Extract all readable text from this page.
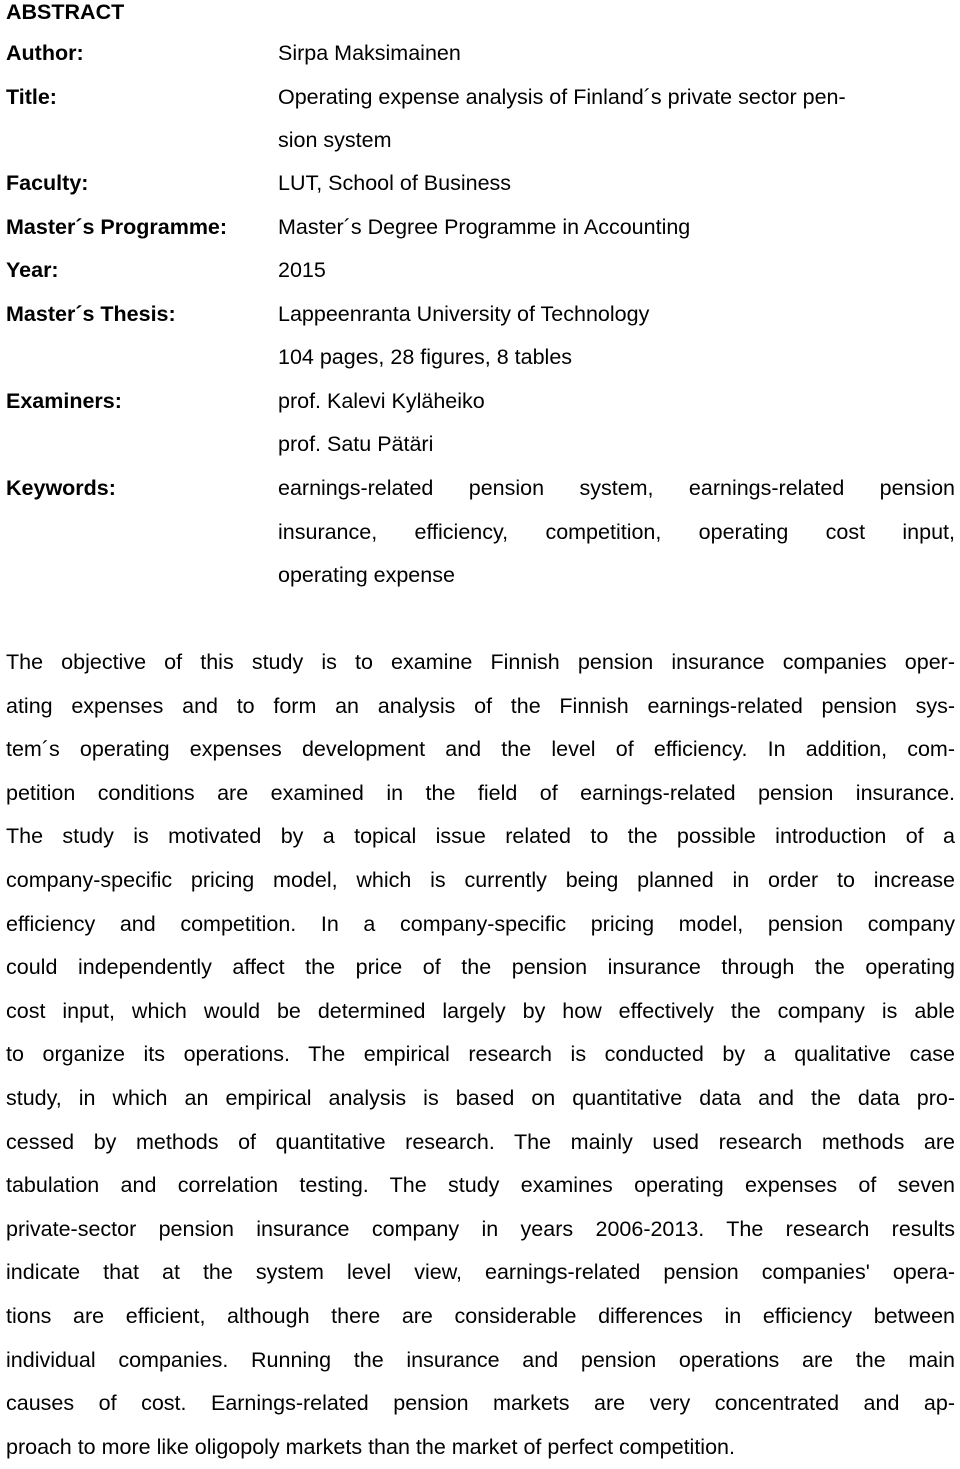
ABSTRACT
Author:	Sirpa Maksimainen
Title:	Operating expense analysis of Finland´s private sector pen-
sion system
Faculty:	LUT, School of Business
Master´s Programme: Master´s Degree Programme in Accounting
Year:	2015
Master´s Thesis:	Lappeenranta University of Technology
104 pages, 28 figures, 8 tables
Examiners:	prof. Kalevi Kyläheiko
prof. Satu Pätäri
Keywords:	earnings-related pension system, earnings-related pension
insurance, efficiency, competition, operating cost input,
operating expense
The objective of this study is to examine Finnish pension insurance companies oper-
ating expenses and to form an analysis of the Finnish earnings-related pension sys-
tem´s operating expenses development and the level of efficiency. In addition, com-
petition conditions are examined in the field of earnings-related pension insurance.
The study is motivated by a topical issue related to the possible introduction of a
company-specific pricing model, which is currently being planned in order to increase
efficiency and competition. In a company-specific pricing model, pension company
could independently affect the price of the pension insurance through the operating
cost input, which would be determined largely by how effectively the company is able
to organize its operations. The empirical research is conducted by a qualitative case
study, in which an empirical analysis is based on quantitative data and the data pro-
cessed by methods of quantitative research. The mainly used research methods are
tabulation and correlation testing. The study examines operating expenses of seven
private-sector pension insurance company in years 2006-2013. The research results
indicate that at the system level view, earnings-related pension companies' opera-
tions are efficient, although there are considerable differences in efficiency between
individual companies. Running the insurance and pension operations are the main
causes of cost. Earnings-related pension markets are very concentrated and ap-
proach to more like oligopoly markets than the market of perfect competition.
